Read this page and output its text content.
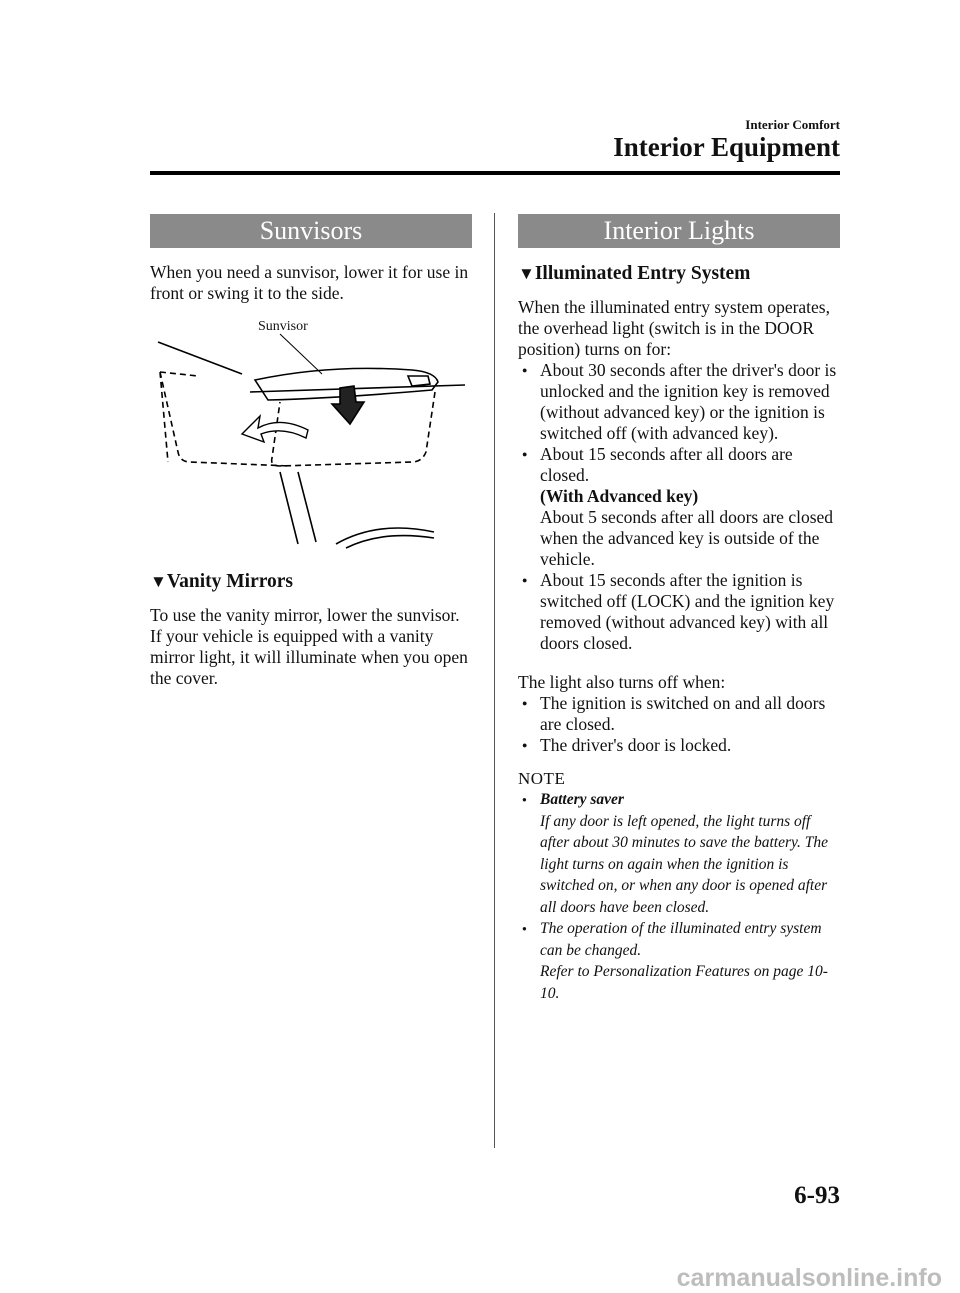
Interior Comfort
Interior Equipment
Sunvisors
When you need a sunvisor, lower it for use in front or swing it to the side.
Sunvisor

▼Vanity Mirrors

To use the vanity mirror, lower the sunvisor.

If your vehicle is equipped with a vanity mirror light, it will illuminate when you open the cover.

Interior Lights

▼Illuminated Entry System

When the illuminated entry system operates, the overhead light (switch is in the DOOR position) turns on for:

● About 30 seconds after the driver's door is unlocked and the ignition key is removed (without advanced key) or the ignition is switched off (with advanced key).
● About 15 seconds after all doors are closed.
(With Advanced key)
About 5 seconds after all doors are closed when the advanced key is outside of the vehicle.
● About 15 seconds after the ignition is switched off (LOCK) and the ignition key removed (without advanced key) with all doors closed.

The light also turns off when:

● The ignition is switched on and all doors are closed.
● The driver's door is locked.

NOTE

● Battery saver
If any door is left opened, the light turns off after about 30 minutes to save the battery. The light turns on again when the ignition is switched on, or when any door is opened after all doors have been closed.
● The operation of the illuminated entry system can be changed.
Refer to Personalization Features on page 10-10.
6-93
carmanualsonline.info
